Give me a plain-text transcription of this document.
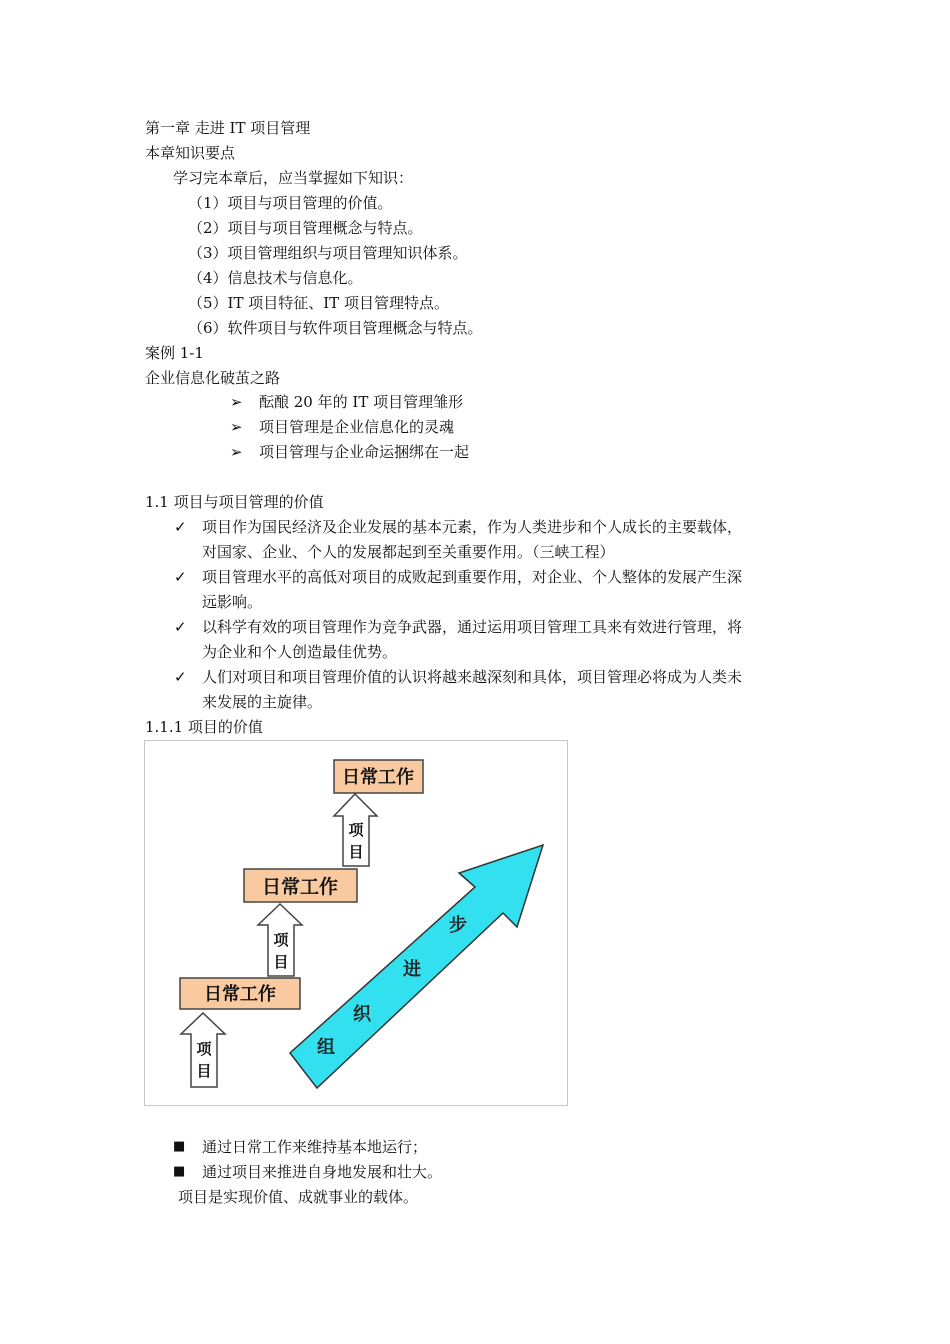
第一章 走进 IT 项目管理
本章知识要点
学习完本章后，应当掌握如下知识：
（1）项目与项目管理的价值。
（2）项目与项目管理概念与特点。
（3）项目管理组织与项目管理知识体系。
（4）信息技术与信息化。
（5）IT 项目特征、IT 项目管理特点。
（6）软件项目与软件项目管理概念与特点。
案例 1-1
企业信息化破茧之路
➢ 酝酿 20 年的 IT 项目管理雏形
➢ 项目管理是企业信息化的灵魂
➢ 项目管理与企业命运捆绑在一起
1.1 项目与项目管理的价值
✓ 项目作为国民经济及企业发展的基本元素，作为人类进步和个人成长的主要载体，
对国家、企业、个人的发展都起到至关重要作用。（三峡工程）
✓ 项目管理水平的高低对项目的成败起到重要作用，对企业、个人整体的发展产生深
远影响。
✓ 以科学有效的项目管理作为竞争武器，通过运用项目管理工具来有效进行管理，将
为企业和个人创造最佳优势。
✓ 人们对项目和项目管理价值的认识将越来越深刻和具体，项目管理必将成为人类未
来发展的主旋律。
1.1.1 项目的价值
组
织
进
步
日常工作
日常工作
日常工作
项
目
项
目
项
目
■ 通过日常工作来维持基本地运行；
■ 通过项目来推进自身地发展和壮大。
项目是实现价值、成就事业的载体。
